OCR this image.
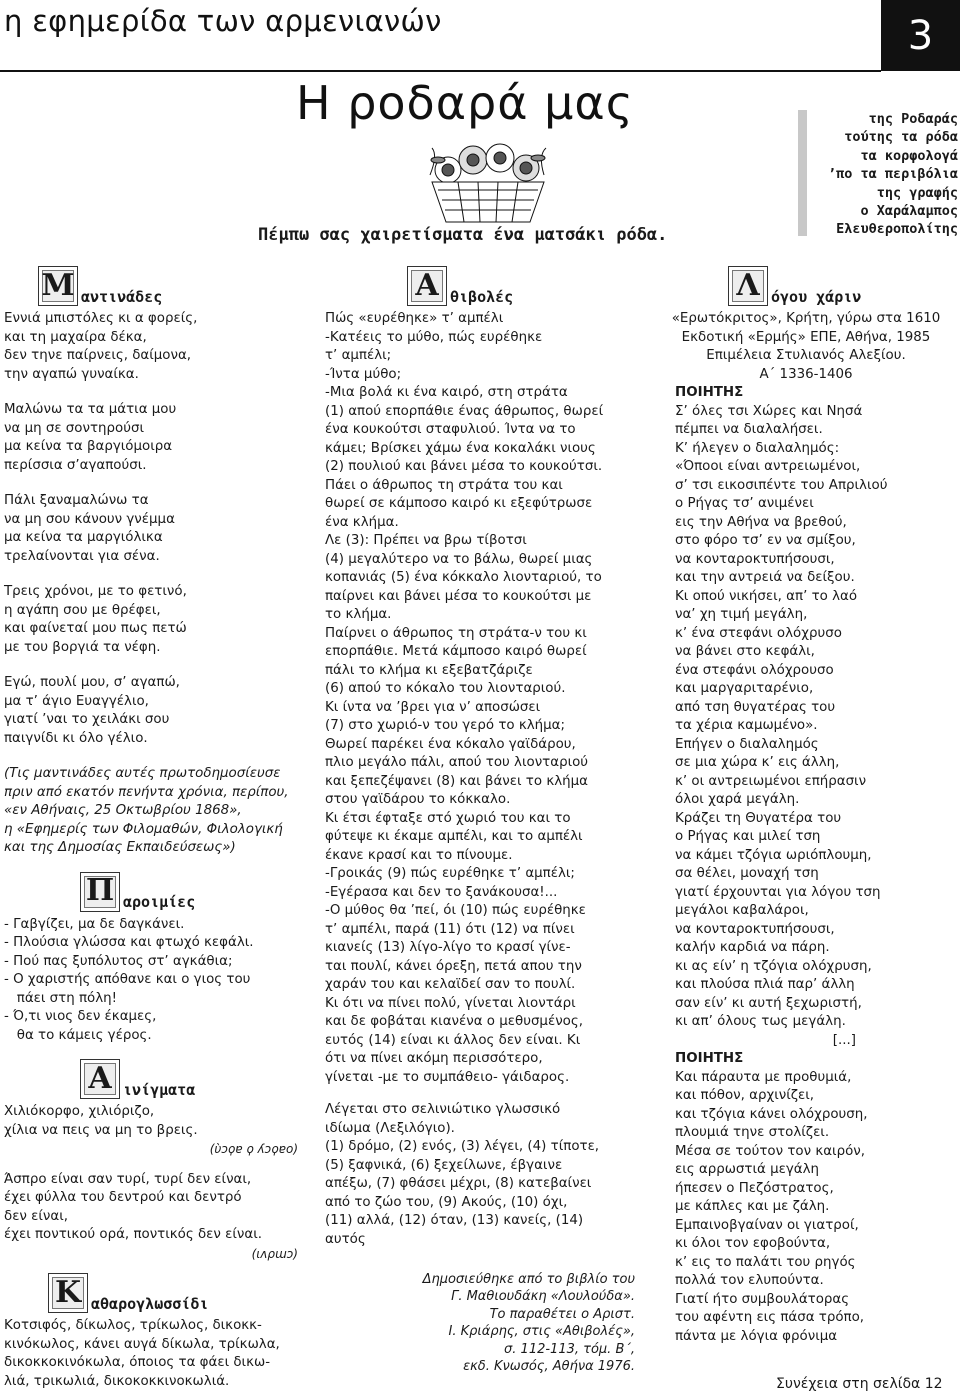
η εφημερίδα των αρμενιανών	3
Η ροδαρά μας
Πέμπω σας χαιρετίσματα ένα ματσάκι ρόδα.
της Ροδαράς
τούτης τα ρόδα
τα κορφολογά
’πο τα περιβόλια
της γραφής
ο Χαράλαμπος
Ελευθεροπολίτης
Μ αντινάδες

Εννιά μπιστόλες κι α φορείς,

και τη μαχαίρα δέκα,

δεν τηνε παίρνεις, δαίμονα,

την αγαπώ γυναίκα.

Μαλώνω τα τα μάτια μου

να μη σε σοντηρούσι

μα κείνα τα βαργιόμοιρα

περίσσια σ’αγαπούσι.

Πάλι ξαναμαλώνω τα

να μη σου κάνουν γνέμμα

μα κείνα τα μαργιόλικα

τρελαίνονται για σένα.

Τρεις χρόνοι, με το φετινό,

η αγάπη σου με θρέφει,

και φαίνεταί μου πως πετώ

με του βοργιά τα νέφη.

Εγώ, πουλί μου, σ’ αγαπώ,

μα τ’ άγιο Ευαγγέλιο,

γιατί ’ναι το χειλάκι σου

παιγνίδι κι όλο γέλιο.

(Τις μαντινάδες αυτές πρωτοδημοσίευσε

πριν από εκατόν πενήντα χρόνια, περίπου,

«εν Αθήναις, 25 Οκτωβρίου 1868»,

η «Εφημερίς των Φιλομαθών, Φιλολογική

και της Δημοσίας Εκπαιδεύσεως»)

Π αροιμίες

- Γαβγίζει, μα δε δαγκάνει.

- Πλούσια γλώσσα και φτωχό κεφάλι.

- Πού πας ξυπόλυτος στ’ αγκάθια;

- Ο χαριστής απόθανε και ο γιος του

πάει στη πόλη!

- Ό,τι νιος δεν έκαμες,

θα το κάμεις γέρος.

Α ινίγματα

Χιλιόκορφο, χιλιόριζο,

χίλια να πεις να μη το βρεις.

(ὺɔϙɐ ϙ ʎɔϙɐο)

Άσπρο είναι σαν τυρί, τυρί δεν είναι,

έχει φύλλα του δεντρού και δεντρό

δεν είναι,

έχει ποντικού ορά, ποντικός δεν είναι.

(ιʌρɯɔ)
Κ αθαρογλωσσίδι

Κοτσιφός, δίκωλος, τρίκωλος, δικοκκ-

κινόκωλος, κάνει αυγά δίκωλα, τρίκωλα,

δικοκκοκινόκωλα, όποιος τα φάει δικω-

λιά, τρικωλιά, δικοκοκκινοκωλιά.

Α θιβολές

Πώς «ευρέθηκε» τ’ αμπέλι

-Κατέεις το μύθο, πώς ευρέθηκε

τ’ αμπέλι;

-Ίντα μύθο;

-Μια βολά κι ένα καιρό, στη στράτα

(1) απού επορπάθιε ένας άθρωπος, θωρεί

ένα κουκούτσι σταφυλιού. Ίντα να το

κάμει; Βρίσκει χάμω ένα κοκαλάκι νιους

(2) πουλιού και βάνει μέσα το κουκούτσι.

Πάει ο άθρωπος τη στράτα του και

θωρεί σε κάμποσο καιρό κι εξεφύτρωσε

ένα κλήμα.

Λε (3): Πρέπει να βρω τίβοτσι

(4) μεγαλύτερο να το βάλω, θωρεί μιας

κοπανιάς (5) ένα κόκκαλο λιονταριού, το

παίρνει και βάνει μέσα το κουκούτσι με

το κλήμα.

Παίρνει ο άθρωπος τη στράτα-ν του κι

επορπάθιε. Μετά κάμποσο καιρό θωρεί

πάλι το κλήμα κι εξεβατζάριζε

(6) απού το κόκαλο του λιονταριού.

Κι ίντα να ’βρει για ν’ αποσώσει

(7) στο χωριό-ν του γερό το κλήμα;

Θωρεί παρέκει ένα κόκαλο γαϊδάρου,

πλιο μεγάλο πάλι, απού του λιονταριού

και ξεπεζέψανει (8) και βάνει το κλήμα

στου γαϊδάρου το κόκκαλο.

Κι έτσι έφταξε στό χωριό του και το

φύτεψε κι έκαμε αμπέλι, και το αμπέλι

έκανε κρασί και το πίνουμε.

-Γροικάς (9) πώς ευρέθηκε τ’ αμπέλι;

-Εγέρασα και δεν το ξανάκουσα!...

-Ο μύθος θα ’πεί, όι (10) πώς ευρέθηκε

τ’ αμπέλι, παρά (11) ότι (12) να πίνει

κιανείς (13) λίγο-λίγο το κρασί γίνε-

ται πουλί, κάνει όρεξη, πετά απου την

χαράν του και κελαϊδεί σαν το πουλί.

Κι ότι να πίνει πολύ, γίνεται λιοντάρι

και δε φοβάται κιανένα ο μεθυσμένος,

ευτός (14) είναι κι άλλος δεν είναι. Κι

ότι να πίνει ακόμη περισσότερο,

γίνεται -με το συμπάθειο- γάιδαρος.

Λέγεται στο σελινιώτικο γλωσσικό

ιδίωμα (Λεξιλόγιο).

(1) δρόμο, (2) ενός, (3) λέγει, (4) τίποτε,

(5) ξαφνικά, (6) ξεχείλωνε, έβγαινε

απέξω, (7) φθάσει μέχρι, (8) κατεβαίνει

από το ζώο του, (9) Ακούς, (10) όχι,

(11) αλλά, (12) όταν, (13) κανείς, (14)

αυτός

Δημοσιεύθηκε από το βιβλίο του

Γ. Μαθιουδάκη «Λουλούδα».

Το παραθέτει ο Αριστ.

Ι. Κριάρης, στις «Αθιβολές»,

σ. 112-113, τόμ. Β΄,

εκδ. Κνωσός, Αθήνα 1976.

Λ όγου χάριν

«Ερωτόκριτος», Κρήτη, γύρω στα 1610

Εκδοτική «Ερμής» ΕΠΕ, Αθήνα, 1985

Επιμέλεια Στυλιανός Αλεξίου.

Α΄ 1336-1406

ΠΟΙΗΤΗΣ

Σ’ όλες τσι Χώρες και Νησά

πέμπει να διαλαλήσει.

Κ’ ήλεγεν ο διαλαλημός:

«Όποοι είναι αντρειωμένοι,

σ’ τσι εικοσιπέντε του Απριλιού

ο Ρήγας τσ’ ανιμένει

εις την Αθήνα να βρεθού,

στο φόρο τσ’ εν να σμίξου,

να κονταροκτυπήσουσι,

και την αντρειά να δείξου.

Κι οπού νικήσει, απ’ το λαό

να’ χη τιμή μεγάλη,

κ’ ένα στεφάνι ολόχρυσο

να βάνει στο κεφάλι,

ένα στεφάνι ολόχρουσο

και μαργαριταρένιο,

από τση θυγατέρας του

τα χέρια καμωμένο».

Επήγεν ο διαλαλημός

σε μια χώρα κ’ εις άλλη,

κ’ οι αντρειωμένοι επήρασιν

όλοι χαρά μεγάλη.

Κράζει τη Θυγατέρα του

ο Ρήγας και μιλεί τση

να κάμει τζόγια ωριόπλουμη,

σα θέλει, μοναχή τση

γιατί έρχουνται για λόγου τση

μεγάλοι καβαλάροι,

να κονταροκτυπήσουσι,

καλήν καρδιά να πάρη.

κι ας είν’ η τζόγια ολόχρυση,

και πλούσα πλιά παρ’ άλλη

σαν είν’ κι αυτή ξεχωριστή,

κι απ’ όλους τως μεγάλη.

[...]
ΠΟΙΗΤΗΣ

Και πάραυτα με προθυμιά,

και πόθον, αρχινίζει,

και τζόγια κάνει ολόχρουση,

πλουμιά τηνε στολίζει.

Μέσα σε τούτον τον καιρόν,

εις αρρωστιά μεγάλη

ήπεσεν ο Πεζόστρατος,

με κάπλες και με ζάλη.

Εμπαινοβγαίναν οι γιατροί,

κι όλοι τον εφοβούντα,

κ’ εις το παλάτι του ρηγός

πολλά τον ελυπούντα.

Γιατί ήτο συμβουλάτορας

του αφέντη εις πάσα τρόπο,

πάντα με λόγια φρόνιμα

Συνέχεια στη σελίδα 12
